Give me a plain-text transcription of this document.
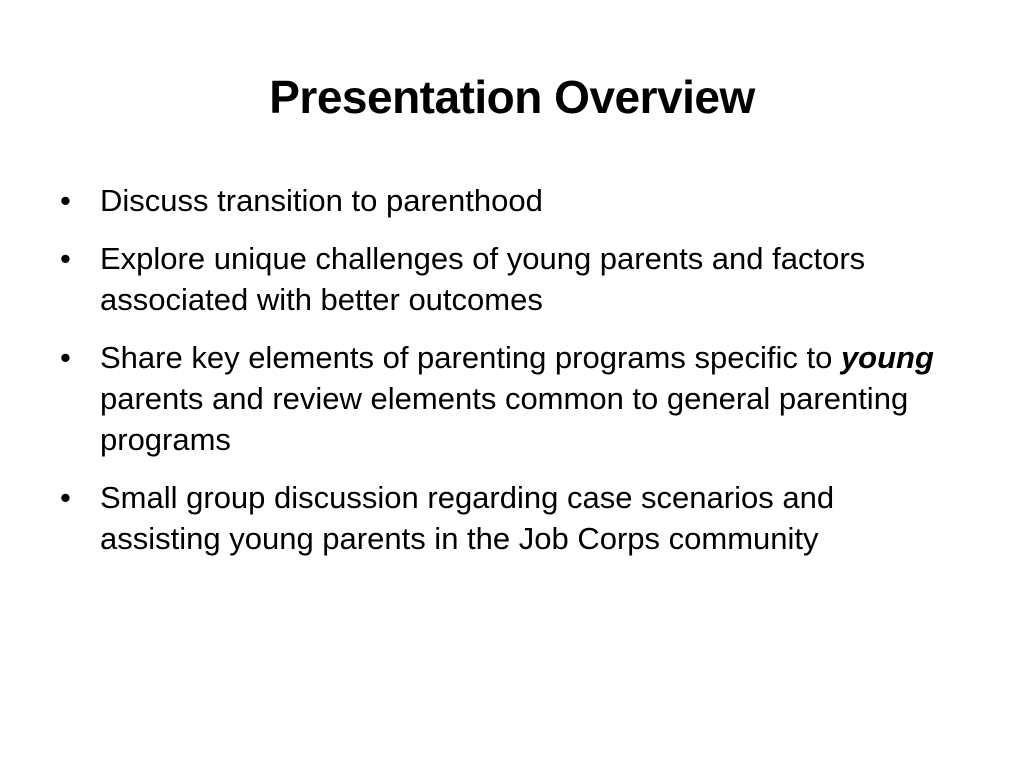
Presentation Overview
• Discuss transition to parenthood
• Explore unique challenges of young parents and factors associated with better outcomes
• Share key elements of parenting programs specific to young parents and review elements common to general parenting programs
• Small group discussion regarding case scenarios and assisting young parents in the Job Corps community
